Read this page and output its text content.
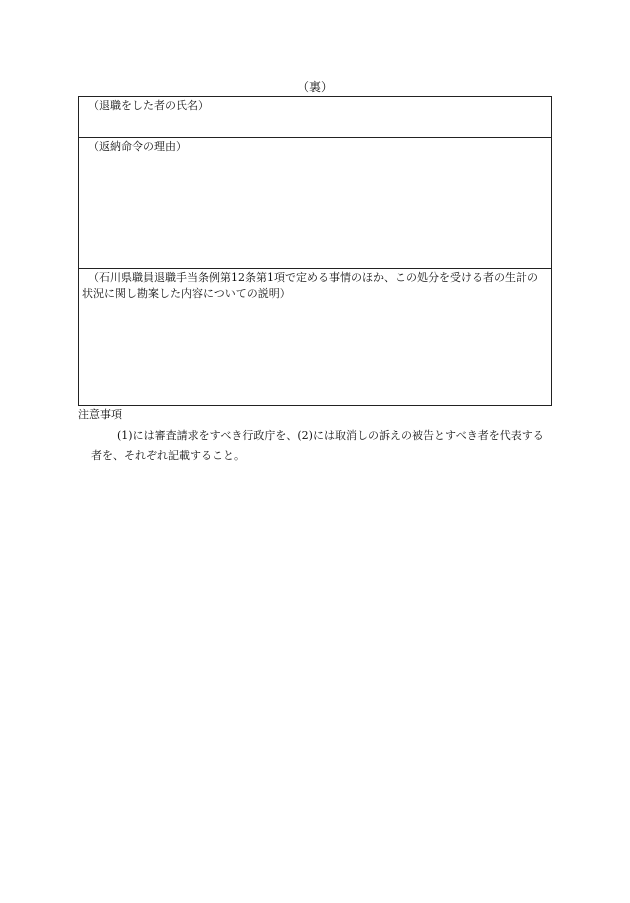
（裏）
（退職をした者の氏名）
（返納命令の理由）
（石川県職員退職手当条例第12条第1項で定める事情のほか、この処分を受ける者の生計の状況に関し勘案した内容についての説明）
注意事項
(1)には審査請求をすべき行政庁を、(2)には取消しの訴えの被告とすべき者を代表する者を、それぞれ記載すること。
